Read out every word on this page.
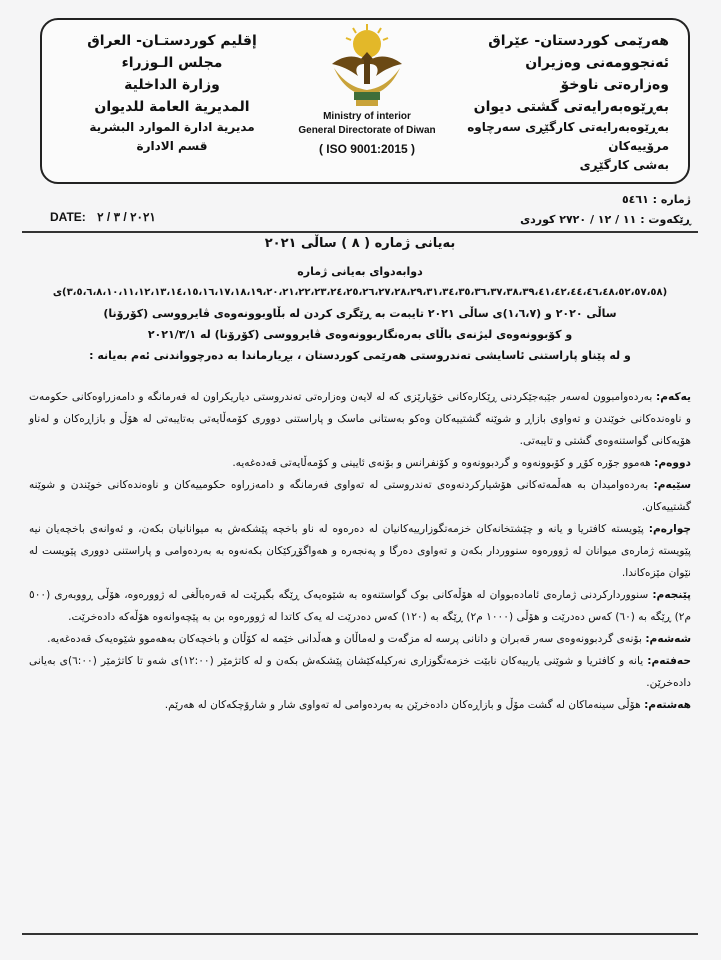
هەرێمی کوردستان- عێراق
ئەنجوومەنی وەزیران
وەزارەتی ناوخۆ
بەڕێوەبەرایەتی گشتی دیوان
بەڕێوەبەرایەتی کارگێڕی سەرچاوە مرۆییەکان
بەشی کارگێڕی
Ministry of interior
General Directorate of Diwan
( ISO 9001:2015 )
إقليم كوردستـان- العراق
مجلس الـوزراء
وزارة الداخلية
المديرية العامة للديوان
مديرية ادارة الموارد البشرية
قسم الادارة
ژمارە : ٥٤٦١
ڕێکەوت : ١١ / ١٢ / ٢٧٢٠ كوردی
DATE: ٢٠٢١ / ٣ / ٢
بەیانی ژمارە ( ٨ ) ساڵی ٢٠٢١
دوابەدوای بەیانی ژمارە
(٣،٥،٦،٨،١٠،١١،١٢،١٣،١٤،١٥،١٦،١٧،١٨،١٩،٢٠،٢١،٢٢،٢٣،٢٤،٢٥،٢٦،٢٧،٢٨،٢٩،٣١،٣٤،٣٥،٣٦،٣٧،٣٨،٣٩،٤١،٤٢،٤٤،٤٦،٤٨،٥٢،٥٧،٥٨)ی
ساڵی ٢٠٢٠ و (١،٦،٧)ی ساڵی ٢٠٢١ تایبەت بە ڕێگری کردن لە بڵاوبوونەوەی ڤایرووسی (کۆرۆنا)
و کۆبوونەوەی لیژنەی باڵای بەرەنگاربوونەوەی ڤایرووسی (کۆرۆنا) لە ٢٠٢١/٣/١
و لە پێناو پاراستنی ئاسایشی تەندروستی هەرێمی کوردستان ، بڕیارماندا بە دەرچوواندنی ئەم بەیانە :

یەکەم: بەردەوامبوون لەسەر جێبەجێکردنی ڕێکارەکانی خۆپارێزی کە لە لایەن وەزارەتی تەندروستی دیاریکراون لە فەرمانگە و دامەزراوەکانی حکومەت و ناوەندەکانی خوێندن و تەواوی بازاڕ و شوێنە گشتییەکان وەکو بەستانی ماسک و پاراستنی دووری کۆمەڵایەتی بەتایبەتی لە هۆڵ و بازاڕەکان و لەناو هۆیەکانی گواستنەوەی گشتی و تایبەتی.

دووەم: هەموو جۆرە کۆڕ و کۆبوونەوە و گردبوونەوە و کۆنفرانس و بۆنەی ئایینی و کۆمەڵایەتی قەدەغەیە.

سێیەم: بەردەوامیدان بە هەڵمەتەکانی هۆشیارکردنەوەی تەندروستی لە تەواوی فەرمانگە و دامەزراوە حکومییەکان و ناوەندەکانی خوێندن و شوێنە گشتییەکان.

چوارەم: پێویستە کافتریا و یانە و چێشتخانەکان خزمەتگوزارییەکانیان لە دەرەوە لە ناو باخچە پێشکەش بە میوانانیان بکەن، و ئەوانەی باخچەیان نیە پێویستە ژمارەی میوانان لە ژوورەوە سنووردار بکەن و تەواوی دەرگا و پەنجەرە و هەواگۆڕکێکان بکەنەوە بە بەردەوامی و پاراستنی دووری پێویست لە نێوان مێزەکاندا.

پێنجەم: سنووردارکردنی ژمارەی ئامادەبووان لە هۆڵەکانی بوک گواستنەوە بە شێوەیەک ڕێگە بگیرێت لە قەرەباڵغی لە ژوورەوە، هۆڵی ڕووبەری (٥٠٠ م٢) ڕێگە بە (٦٠) کەس دەدرێت و هۆڵی (١٠٠٠ م٢) ڕێگە بە (١٢٠) کەس دەدرێت لە یەک کاتدا لە ژوورەوە بن بە پێچەوانەوە هۆڵەکە دادەخرێت.

شەشەم: بۆنەی گردبوونەوەی سەر قەبران و دانانی پرسە لە مزگەت و لەماڵان و هەڵدانی خێمە لە کۆڵان و باخچەکان بەهەموو شێوەیەک قەدەغەیە.

حەفتەم: یانە و کافتریا و شوێنی یارییەکان نابێت خزمەتگوزاری نەرکیلەکێشان پێشکەش بکەن و لە کاتژمێر (١٢:٠٠)ی شەو تا کاتژمێر (٦:٠٠)ی بەیانی دادەخرێن.

هەشتەم: هۆڵی سینەماکان لە گشت مۆڵ و بازاڕەکان دادەخرێن بە بەردەوامی لە تەواوی شار و شارۆچکەکان لە هەرێم.
